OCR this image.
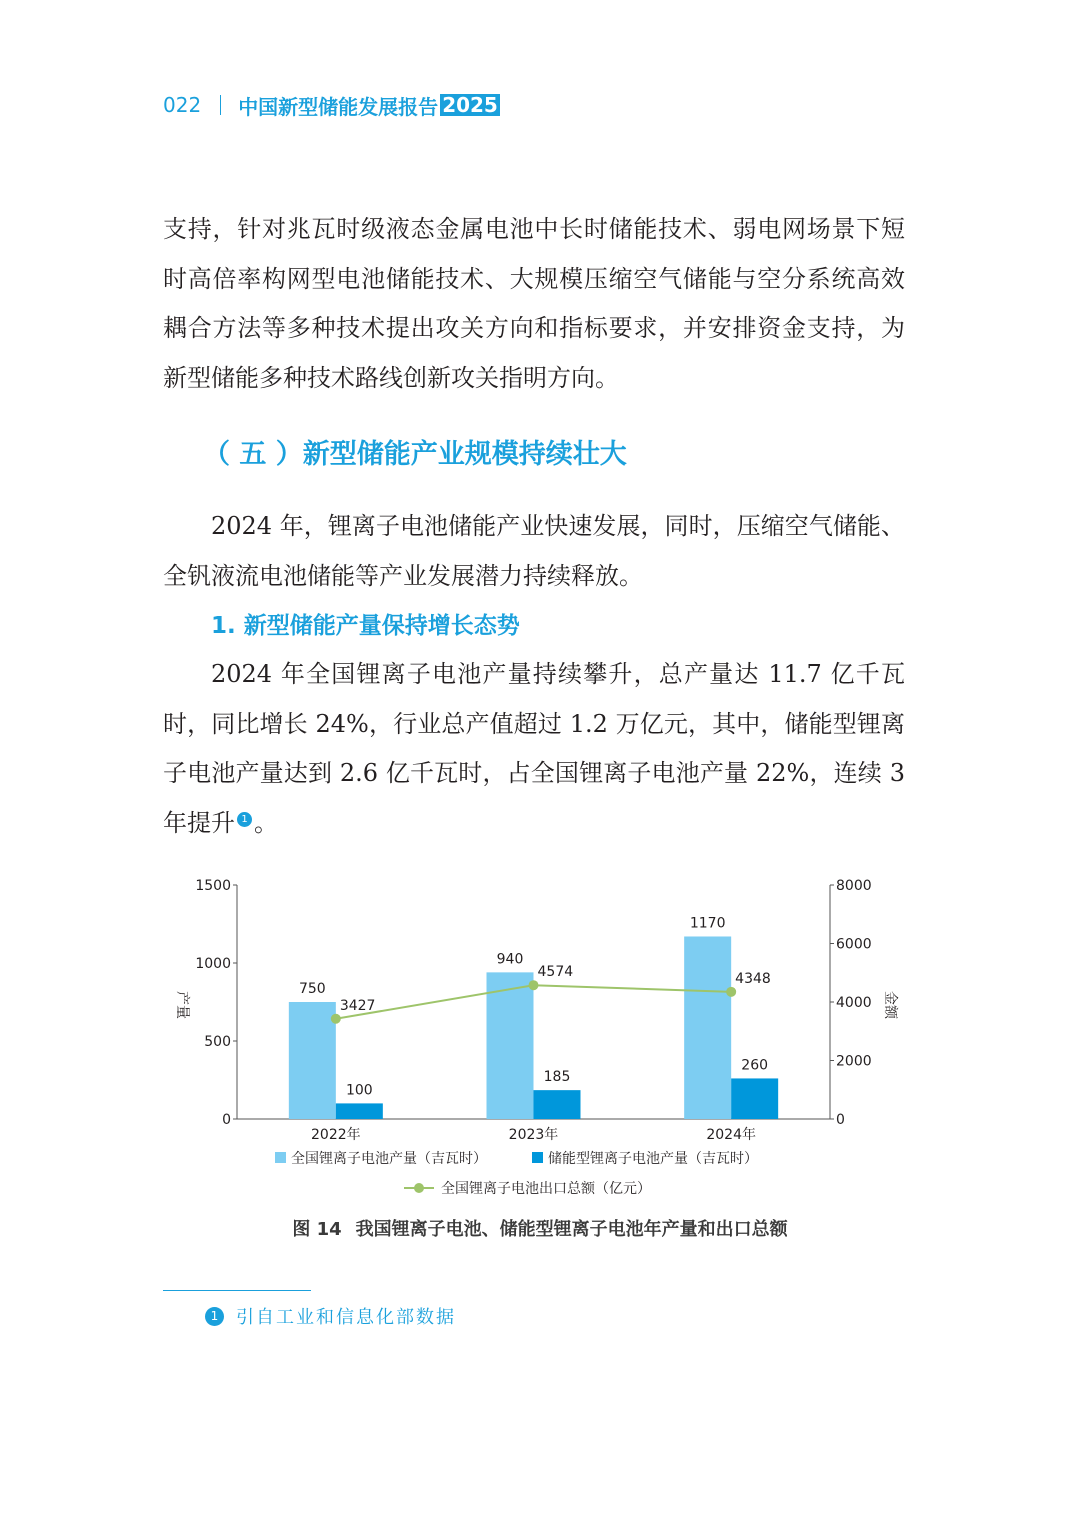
022 中国新型储能发展报告 2025

支持，针对兆瓦时级液态金属电池中长时储能技术、弱电网场景下短时高倍率构网型电池储能技术、大规模压缩空气储能与空分系统高效耦合方法等多种技术提出攻关方向和指标要求，并安排资金支持，为新型储能多种技术路线创新攻关指明方向。

（ 五 ）新型储能产业规模持续壮大

2024 年，锂离子电池储能产业快速发展，同时，压缩空气储能、全钒液流电池储能等产业发展潜力持续释放。

1. 新型储能产量保持增长态势

2024 年全国锂离子电池产量持续攀升，总产量达 11.7 亿千瓦时，同比增长 24%，行业总产值超过 1.2 万亿元，其中，储能型锂离子电池产量达到 2.6 亿千瓦时，占全国锂离子电池产量 22%，连续 3 年提升 1 。

0
500
1000
1500
0
2000
4000
6000
8000
产量	金额
2022年
750
100
2023年
940
185
2024年
1170
260
3427
4574	4348
全国锂离子电池产量（吉瓦时）	储能型锂离子电池产量（吉瓦时）
全国锂离子电池出口总额（亿元）

图 14 我国锂离子电池、储能型锂离子电池年产量和出口总额

1 引自工业和信息化部数据
